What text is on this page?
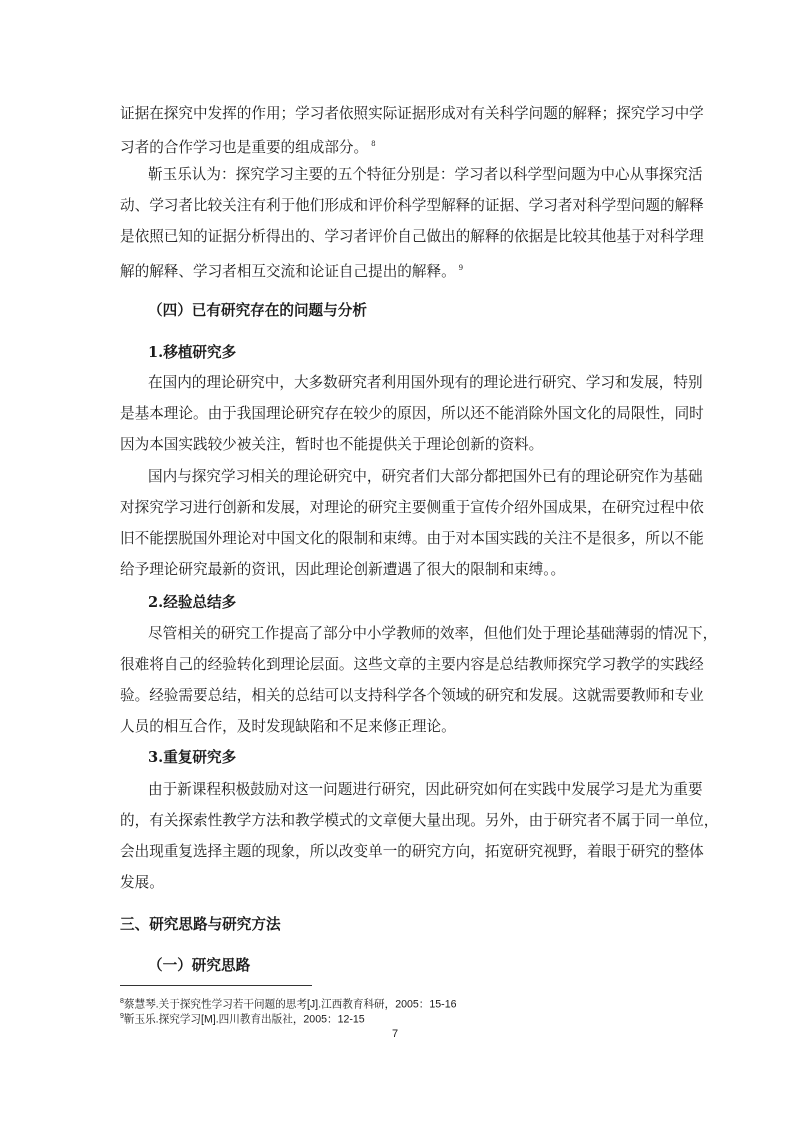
证据在探究中发挥的作用；学习者依照实际证据形成对有关科学问题的解释；探究学习中学
习者的合作学习也是重要的组成部分。 $^8$
靳玉乐认为：探究学习主要的五个特征分别是：学习者以科学型问题为中心从事探究活
动、学习者比较关注有利于他们形成和评价科学型解释的证据、学习者对科学型问题的解释
是依照已知的证据分析得出的、学习者评价自己做出的解释的依据是比较其他基于对科学理
解的解释、学习者相互交流和论证自己提出的解释。 $^9$
（四）已有研究存在的问题与分析
1.移植研究多
在国内的理论研究中，大多数研究者利用国外现有的理论进行研究、学习和发展，特别
是基本理论。由于我国理论研究存在较少的原因，所以还不能消除外国文化的局限性，同时
因为本国实践较少被关注，暂时也不能提供关于理论创新的资料。
国内与探究学习相关的理论研究中，研究者们大部分都把国外已有的理论研究作为基础
对探究学习进行创新和发展，对理论的研究主要侧重于宣传介绍外国成果，在研究过程中依
旧不能摆脱国外理论对中国文化的限制和束缚。由于对本国实践的关注不是很多，所以不能
给予理论研究最新的资讯，因此理论创新遭遇了很大的限制和束缚。。
2.经验总结多
尽管相关的研究工作提高了部分中小学教师的效率，但他们处于理论基础薄弱的情况下，
很难将自己的经验转化到理论层面。这些文章的主要内容是总结教师探究学习教学的实践经
验。经验需要总结，相关的总结可以支持科学各个领域的研究和发展。这就需要教师和专业
人员的相互合作，及时发现缺陷和不足来修正理论。
3.重复研究多
由于新课程积极鼓励对这一问题进行研究，因此研究如何在实践中发展学习是尤为重要
的，有关探索性教学方法和教学模式的文章便大量出现。另外，由于研究者不属于同一单位，
会出现重复选择主题的现象，所以改变单一的研究方向，拓宽研究视野，着眼于研究的整体
发展。
三、研究思路与研究方法
（一）研究思路
$^8$蔡慧琴.关于探究性学习若干问题的思考[J].江西教育科研，2005：15-16
$^9$靳玉乐.探究学习[M].四川教育出版社，2005：12-15
7
